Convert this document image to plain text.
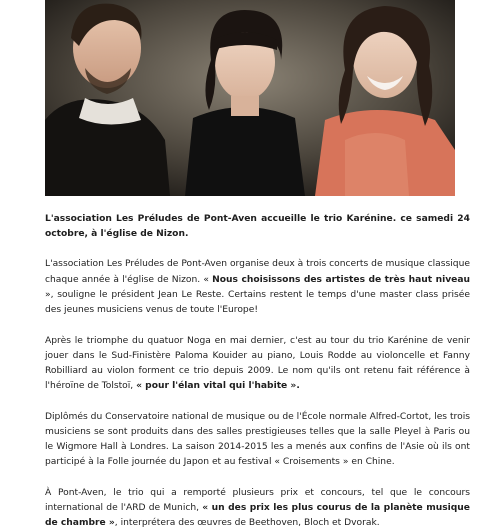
L'association Les Préludes de Pont-Aven accueille le trio Karénine. ce samedi 24 octobre, à l'église de Nizon.

L'association Les Préludes de Pont-Aven organise deux à trois concerts de musique classique chaque année à l'église de Nizon. « Nous choisissons des artistes de très haut niveau », souligne le président Jean Le Reste. Certains restent le temps d'une master class prisée des jeunes musiciens venus de toute l'Europe!

Après le triomphe du quatuor Noga en mai dernier, c'est au tour du trio Karénine de venir jouer dans le Sud-Finistère Paloma Kouider au piano, Louis Rodde au violoncelle et Fanny Robilliard au violon forment ce trio depuis 2009. Le nom qu'ils ont retenu fait référence à l'héroïne de Tolstoï, « pour l'élan vital qui l'habite ».

Diplômés du Conservatoire national de musique ou de l'École normale Alfred-Cortot, les trois musiciens se sont produits dans des salles prestigieuses telles que la salle Pleyel à Paris ou le Wigmore Hall à Londres. La saison 2014-2015 les a menés aux confins de l'Asie où ils ont participé à la Folle journée du Japon et au festival « Croisements » en Chine.

À Pont-Aven, le trio qui a remporté plusieurs prix et concours, tel que le concours international de l'ARD de Munich, « un des prix les plus courus de la planète musique de chambre », interprétera des œuvres de Beethoven, Bloch et Dvorak.
